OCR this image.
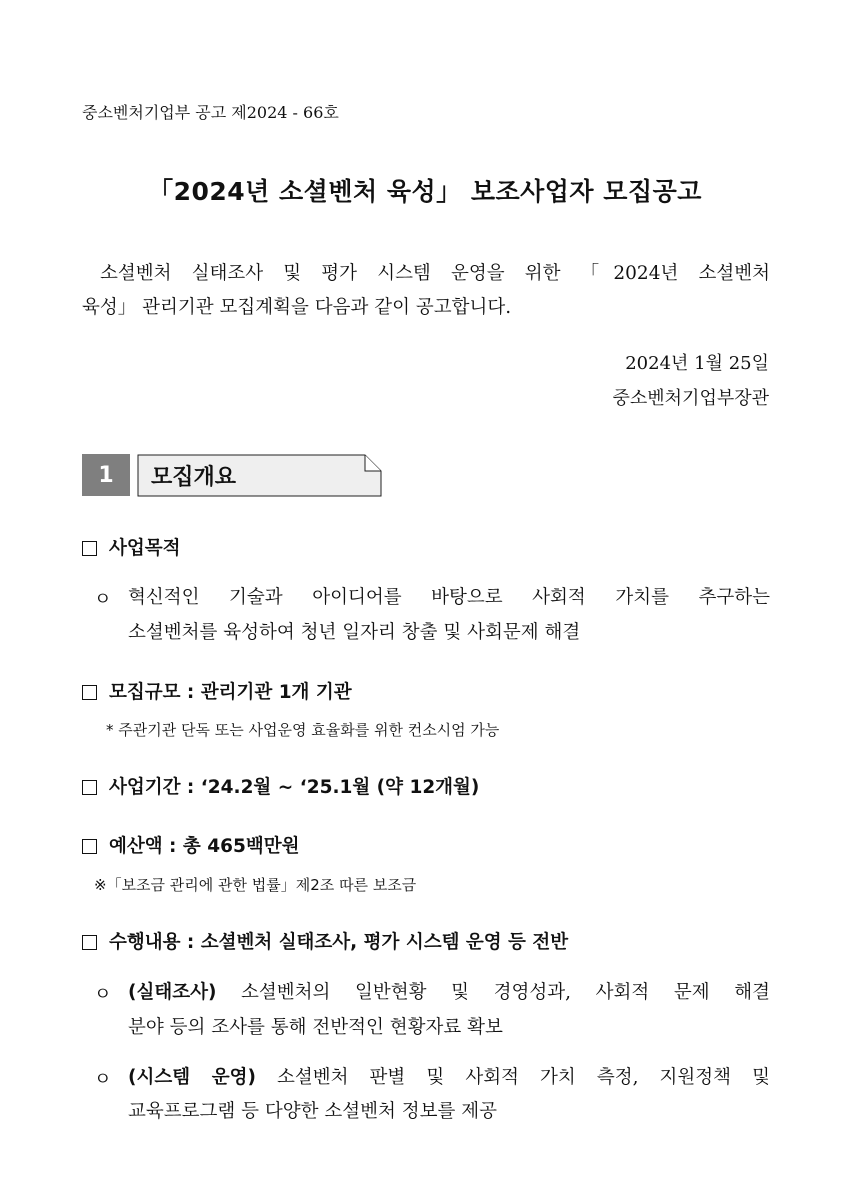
중소벤처기업부 공고 제2024 - 66호
「2024년 소셜벤처 육성」 보조사업자 모집공고
소셜벤처 실태조사 및 평가 시스템 운영을 위한 「2024년 소셜벤처
육성」 관리기관 모집계획을 다음과 같이 공고합니다.
2024년 1월 25일
중소벤처기업부장관
1	모집개요
사업목적
ㅇ 혁신적인 기술과 아이디어를 바탕으로 사회적 가치를 추구하는
소셜벤처를 육성하여 청년 일자리 창출 및 사회문제 해결
모집규모 : 관리기관 1개 기관
* 주관기관 단독 또는 사업운영 효율화를 위한 컨소시엄 가능
사업기간 : ‘24.2월 ~ ‘25.1월 (약 12개월)
예산액 : 총 465백만원
※「보조금 관리에 관한 법률」제2조 따른 보조금
수행내용 : 소셜벤처 실태조사, 평가 시스템 운영 등 전반
ㅇ (실태조사) 소셜벤처의 일반현황 및 경영성과, 사회적 문제 해결
분야 등의 조사를 통해 전반적인 현황자료 확보
ㅇ (시스템 운영) 소셜벤처 판별 및 사회적 가치 측정, 지원정책 및
교육프로그램 등 다양한 소셜벤처 정보를 제공
